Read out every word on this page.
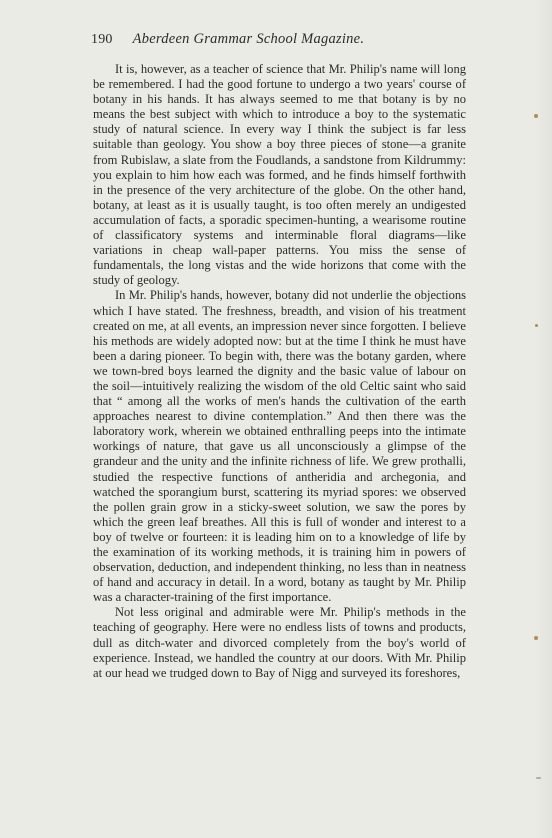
190 Aberdeen Grammar School Magazine.

It is, however, as a teacher of science that Mr. Philip's name will long be remembered. I had the good fortune to undergo a two years' course of botany in his hands. It has always seemed to me that botany is by no means the best subject with which to introduce a boy to the systematic study of natural science. In every way I think the subject is far less suitable than geology. You show a boy three pieces of stone—a granite from Rubislaw, a slate from the Foudlands, a sandstone from Kildrummy: you explain to him how each was formed, and he finds himself forthwith in the presence of the very architecture of the globe. On the other hand, botany, at least as it is usually taught, is too often merely an undigested accumulation of facts, a sporadic specimen-hunting, a wearisome routine of classificatory systems and interminable floral diagrams—like variations in cheap wall-paper patterns. You miss the sense of fundamentals, the long vistas and the wide horizons that come with the study of geology.

In Mr. Philip's hands, however, botany did not underlie the objections which I have stated. The freshness, breadth, and vision of his treatment created on me, at all events, an impression never since forgotten. I believe his methods are widely adopted now: but at the time I think he must have been a daring pioneer. To begin with, there was the botany garden, where we town-bred boys learned the dignity and the basic value of labour on the soil—intuitively realizing the wisdom of the old Celtic saint who said that “ among all the works of men's hands the cultivation of the earth approaches nearest to divine contemplation.” And then there was the laboratory work, wherein we obtained enthralling peeps into the intimate workings of nature, that gave us all unconsciously a glimpse of the grandeur and the unity and the infinite richness of life. We grew prothalli, studied the respective functions of antheridia and archegonia, and watched the sporangium burst, scattering its myriad spores: we observed the pollen grain grow in a sticky-sweet solution, we saw the pores by which the green leaf breathes. All this is full of wonder and interest to a boy of twelve or fourteen: it is leading him on to a knowledge of life by the examination of its working methods, it is training him in powers of observation, deduction, and independent thinking, no less than in neatness of hand and accuracy in detail. In a word, botany as taught by Mr. Philip was a character-training of the first importance.

Not less original and admirable were Mr. Philip's methods in the teaching of geography. Here were no endless lists of towns and products, dull as ditch-water and divorced completely from the boy's world of experience. Instead, we handled the country at our doors. With Mr. Philip at our head we trudged down to Bay of Nigg and surveyed its foreshores,
